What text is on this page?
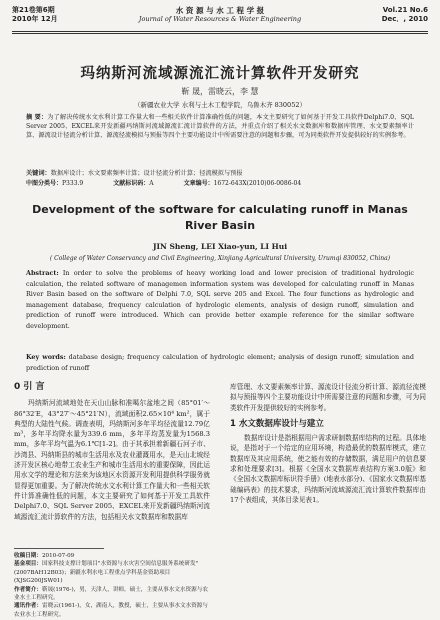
第21卷第6期
2010年 12月
水 资 源 与 水 工 程 学 报
Journal of Water Resources & Water Engineering
Vol.21 No.6
Dec．, 2010
玛纳斯河流域源流汇流计算软件开发研究
靳 晟，雷晓云，李 慧
（新疆农业大学 水利与土木工程学院，乌鲁木齐 830052）
摘 要：为了解决传统水文水利计算工作量大和一些相关软件计算准确性低的问题，本文主要研究了如何基于开发工具软件Delphi7.0、SQL Server 2005、EXCEL来开发新疆玛纳斯河流域源流汇流计算软件的方法，并重点介绍了相关水文数据库和数据库管理、水文要素频率计算、源流设计径流分析计算、源流径流模拟与预报等四个主要功能设计中所需要注意的问题和步骤，可为同类软件开发提供较好的实例参考。
关键词：数据库设计；水文要素频率计算；设计径流分析计算；径流模拟与预报
中图分类号：P333.9	文献标识码：A	文章编号：1672-643X(2010)06-0086-04
Development of the software for calculating runoff in Manas River Basin
JIN Sheng, LEI Xiao-yun, LI Hui
( College of Water Conservancy and Civil Engineering, Xinjiang Agricultural University, Urumqi 830052, China)
Abstract: In order to solve the problems of heavy working load and lower precision of traditional hydrologic calculation, the related software of managemen information system was developed for calculating runoff in Manas River Basin based on the software of Delphi 7.0, SQL serve 205 and Excel. The four functions as hydrologic and management database, frequency calculation of hydrologic elements, analysis of design runoff, simulation and prediction of runoff were introduced. Which can provide better example reference for the similar software development.
Key words: database design; frequency calculation of hydrologic element; analysis of design runoff; simulation and prediction of runoff
0 引 言

玛纳斯河流域地处在天山山脉和准噶尔盆地之间（85°01′～86°32′E，43°27′～45°21′N），流域面积2.65×10⁴ km²，属于典型的大陆性气候。调查表明，玛纳斯河多年平均径流量12.79亿m³，多年平均降水量为339.6 mm，多年平均蒸发量为1568.3 mm，多年平均气温为6.1℃[1-2]。由于其承担着新疆石河子市、沙湾县、玛纳斯县的城市生活用水及农业灌溉用水，是天山北坡经济开发区核心地带工农业生产和城市生活用水的重要保障，因此运用水文学的理论和方法来为该地区水资源开发利用提供科学服务就显得更加重要。为了解决传统水文水利计算工作量大和一些相关软件计算准确性低的问题，本文主要研究了如何基于开发工具软件Delphi7.0、SQL Server 2005、EXCEL来开发新疆玛纳斯河流域源流汇流计算软件的方法，包括相关水文数据库和数据库

库管理、水文要素频率计算、源流设计径流分析计算、源流径流模拟与预报等四个主要功能设计中所需要注意的问题和步骤，可为同类软件开发提供较好的实例参考。

1 水文数据库设计与建立

数据库设计是指根据用户需求研制数据库结构的过程。具体地说，是指对于一个给定的应用环境，构造最优的数据库模式，建立数据库及其应用系统，使之能有效的存储数据，满足用户的信息要求和处理要求[3]。根据《全国水文数据库表结构方案3.0版》和《全国水文数据库标识符手册》(地表水部分)、《国家水文数据库基础编码表》的技术要求，玛纳斯河流域源流汇流计算软件数据库由17个表组成，其体目录见表1。

收稿日期：2010-07-09
基金项目：国家科技支撑计划项目"水资源与水灾害空间信息服务系统研发"(2007BAH12B03)；新疆水利水电工程重点学科基金资助项目(XJSG200JSW01)
作者简介：靳晟(1976-)，男，天津人，讲师，硕士，主要从事水文水资源与农业水土工程研究。
通讯作者：雷晓云(1961-)，女，湖南人，教授，硕士，主要从事水文水资源与农业水土工程研究。
